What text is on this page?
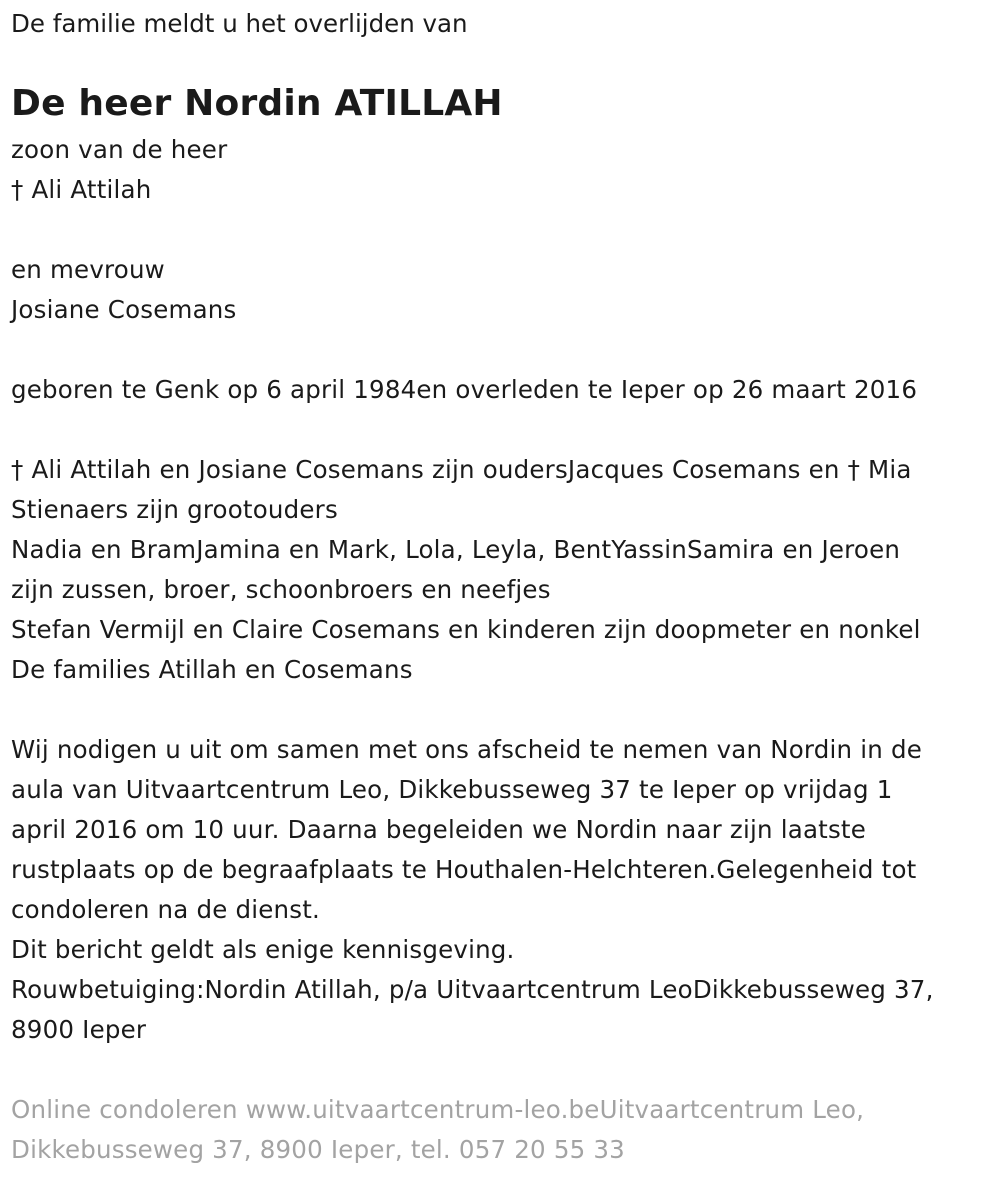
De familie meldt u het overlijden van

De heer Nordin ATILLAH

zoon van de heer

† Ali Attilah

en mevrouw

Josiane Cosemans

geboren te Genk op 6 april 1984en overleden te Ieper op 26 maart 2016

† Ali Attilah en Josiane Cosemans zijn oudersJacques Cosemans en † Mia

Stienaers zijn grootouders

Nadia en BramJamina en Mark, Lola, Leyla, BentYassinSamira en Jeroen

zijn zussen, broer, schoonbroers en neefjes

Stefan Vermijl en Claire Cosemans en kinderen zijn doopmeter en nonkel

De families Atillah en Cosemans

Wij nodigen u uit om samen met ons afscheid te nemen van Nordin in de

aula van Uitvaartcentrum Leo, Dikkebusseweg 37 te Ieper op vrijdag 1

april 2016 om 10 uur. Daarna begeleiden we Nordin naar zijn laatste

rustplaats op de begraafplaats te Houthalen-Helchteren.Gelegenheid tot

condoleren na de dienst.

Dit bericht geldt als enige kennisgeving.

Rouwbetuiging:Nordin Atillah, p/a Uitvaartcentrum LeoDikkebusseweg 37,

8900 Ieper

Online condoleren www.uitvaartcentrum-leo.beUitvaartcentrum Leo,

Dikkebusseweg 37, 8900 Ieper, tel. 057 20 55 33
